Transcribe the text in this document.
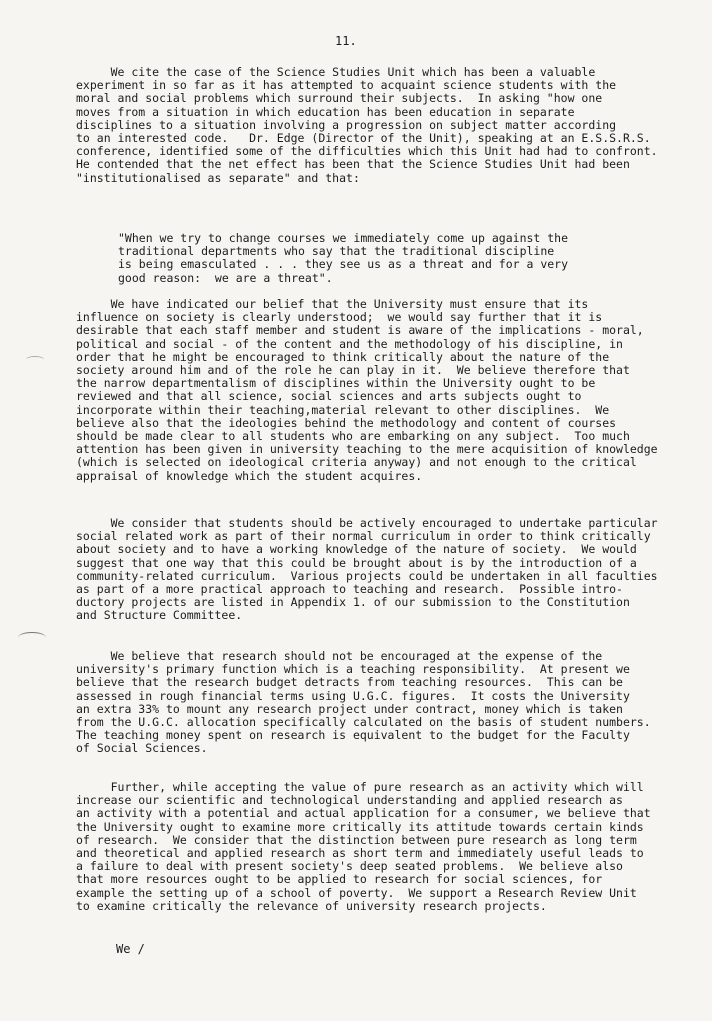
11.
We cite the case of the Science Studies Unit which has been a valuable
experiment in so far as it has attempted to acquaint science students with the
moral and social problems which surround their subjects.  In asking "how one
moves from a situation in which education has been education in separate
disciplines to a situation involving a progression on subject matter according
to an interested code.   Dr. Edge (Director of the Unit), speaking at an E.S.S.R.S.
conference, identified some of the difficulties which this Unit had had to confront.
He contended that the net effect has been that the Science Studies Unit had been
"institutionalised as separate" and that:
"When we try to change courses we immediately come up against the
traditional departments who say that the traditional discipline
is being emasculated . . . they see us as a threat and for a very
good reason:  we are a threat".
We have indicated our belief that the University must ensure that its
influence on society is clearly understood;  we would say further that it is
desirable that each staff member and student is aware of the implications - moral,
political and social - of the content and the methodology of his discipline, in
order that he might be encouraged to think critically about the nature of the
society around him and of the role he can play in it.  We believe therefore that
the narrow departmentalism of disciplines within the University ought to be
reviewed and that all science, social sciences and arts subjects ought to
incorporate within their teaching,material relevant to other disciplines.  We
believe also that the ideologies behind the methodology and content of courses
should be made clear to all students who are embarking on any subject.  Too much
attention has been given in university teaching to the mere acquisition of knowledge
(which is selected on ideological criteria anyway) and not enough to the critical
appraisal of knowledge which the student acquires.
We consider that students should be actively encouraged to undertake particular
social related work as part of their normal curriculum in order to think critically
about society and to have a working knowledge of the nature of society.  We would
suggest that one way that this could be brought about is by the introduction of a
community-related curriculum.  Various projects could be undertaken in all faculties
as part of a more practical approach to teaching and research.  Possible intro-
ductory projects are listed in Appendix 1. of our submission to the Constitution
and Structure Committee.
We believe that research should not be encouraged at the expense of the
university's primary function which is a teaching responsibility.  At present we
believe that the research budget detracts from teaching resources.  This can be
assessed in rough financial terms using U.G.C. figures.  It costs the University
an extra 33% to mount any research project under contract, money which is taken
from the U.G.C. allocation specifically calculated on the basis of student numbers.
The teaching money spent on research is equivalent to the budget for the Faculty
of Social Sciences.
Further, while accepting the value of pure research as an activity which will
increase our scientific and technological understanding and applied research as
an activity with a potential and actual application for a consumer, we believe that
the University ought to examine more critically its attitude towards certain kinds
of research.  We consider that the distinction between pure research as long term
and theoretical and applied research as short term and immediately useful leads to
a failure to deal with present society's deep seated problems.  We believe also
that more resources ought to be applied to research for social sciences, for
example the setting up of a school of poverty.  We support a Research Review Unit
to examine critically the relevance of university research projects.
We /
